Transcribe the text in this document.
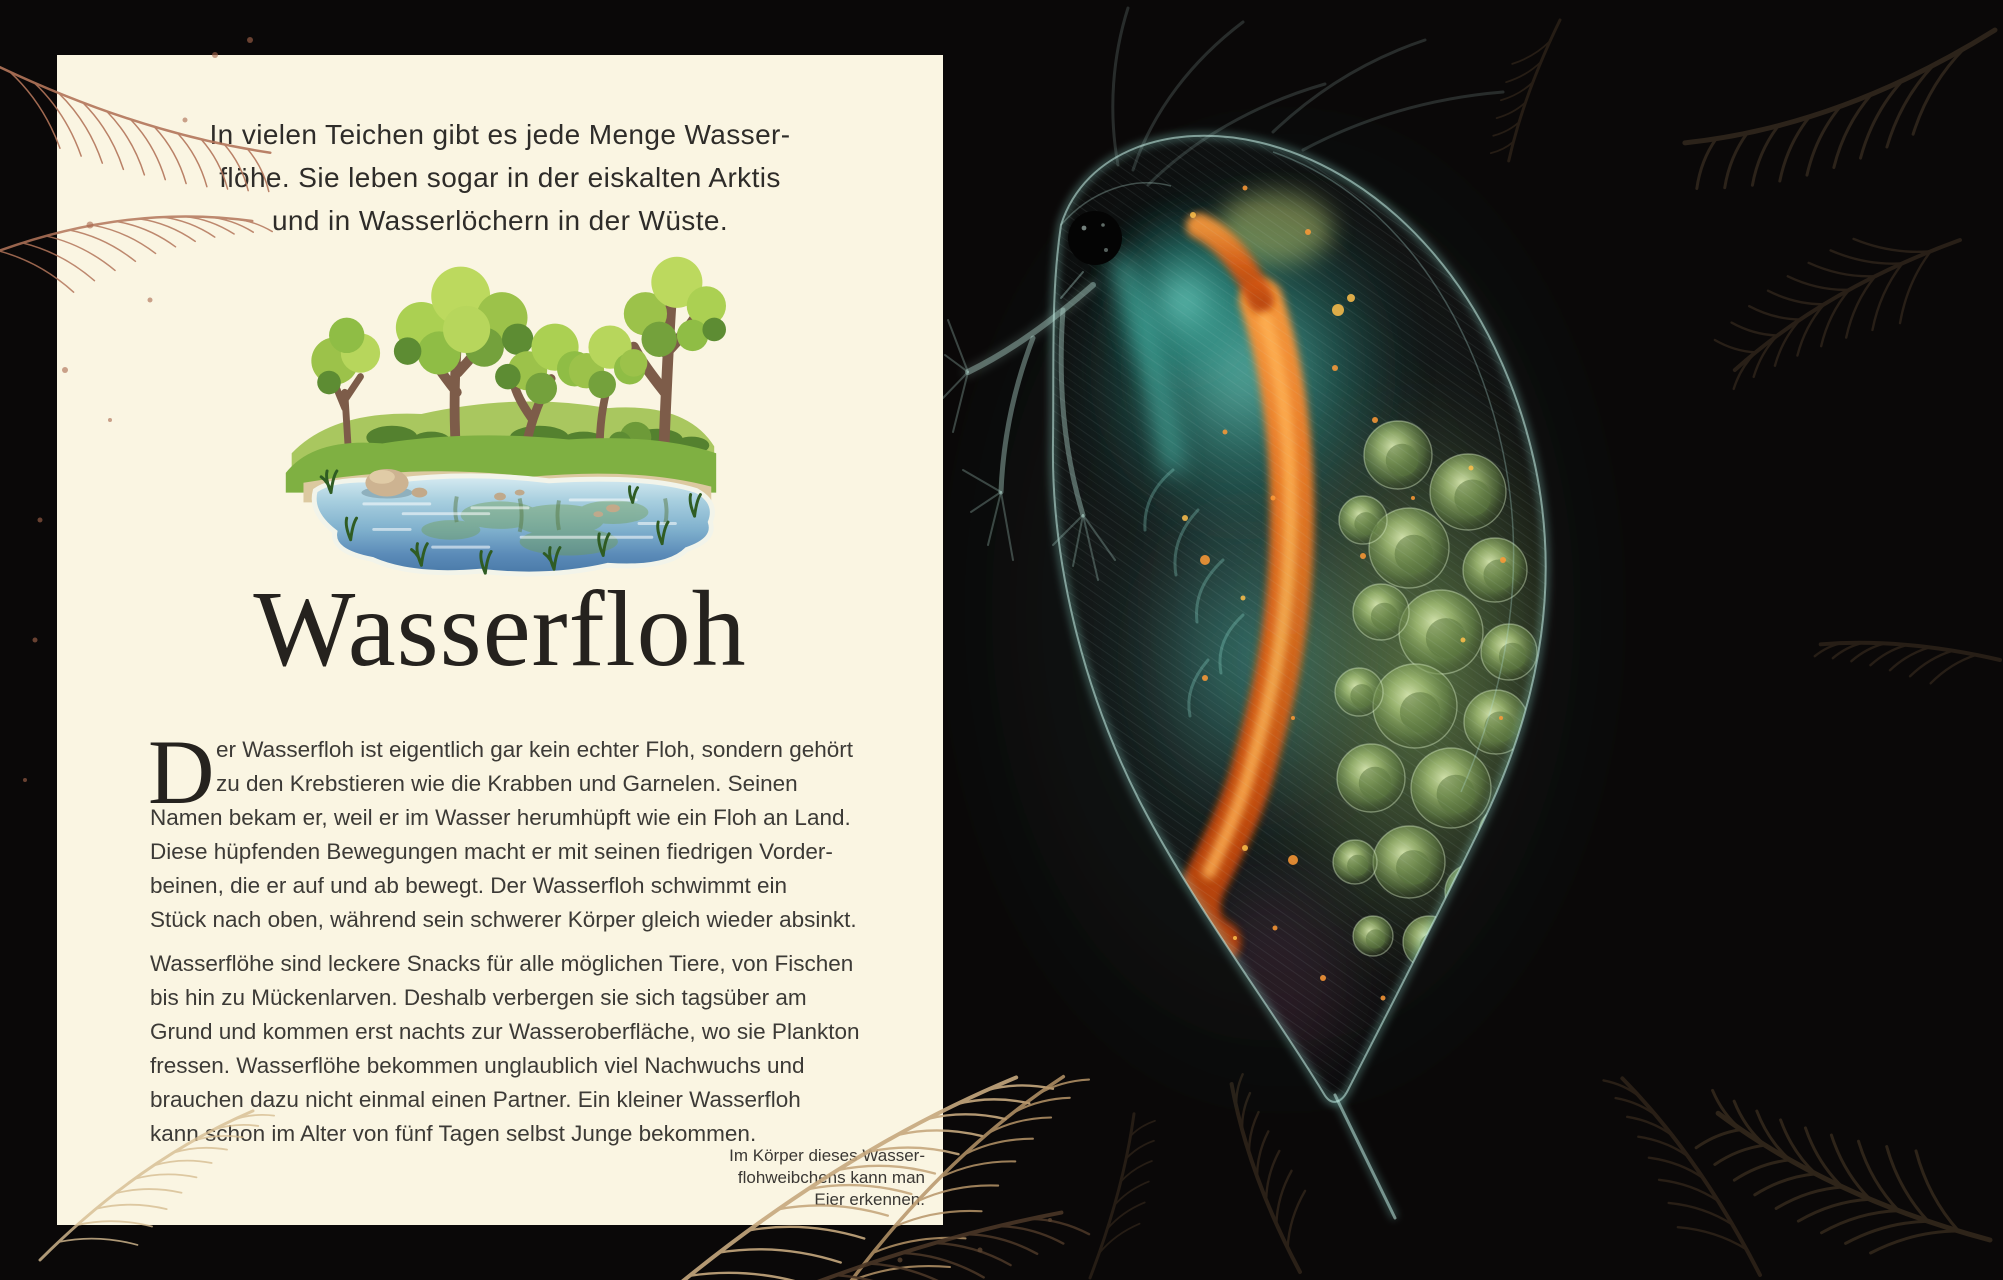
In vielen Teichen gibt es jede Menge Wasser-
flöhe. Sie leben sogar in der eiskalten Arktis
und in Wasserlöchern in der Wüste.
Wasserfloh
D er Wasserfloh ist eigentlich gar kein echter Floh, sondern gehört
zu den Krebstieren wie die Krabben und Garnelen. Seinen
Namen bekam er, weil er im Wasser herumhüpft wie ein Floh an Land.
Diese hüpfenden Bewegungen macht er mit seinen fiedrigen Vorder-
beinen, die er auf und ab bewegt. Der Wasserfloh schwimmt ein
Stück nach oben, während sein schwerer Körper gleich wieder absinkt.
Wasserflöhe sind leckere Snacks für alle möglichen Tiere, von Fischen
bis hin zu Mückenlarven. Deshalb verbergen sie sich tagsüber am
Grund und kommen erst nachts zur Wasseroberfläche, wo sie Plankton
fressen. Wasserflöhe bekommen unglaublich viel Nachwuchs und
brauchen dazu nicht einmal einen Partner. Ein kleiner Wasserfloh
kann schon im Alter von fünf Tagen selbst Junge bekommen.
Im Körper dieses Wasser-
flohweibchens kann man
Eier erkennen.
